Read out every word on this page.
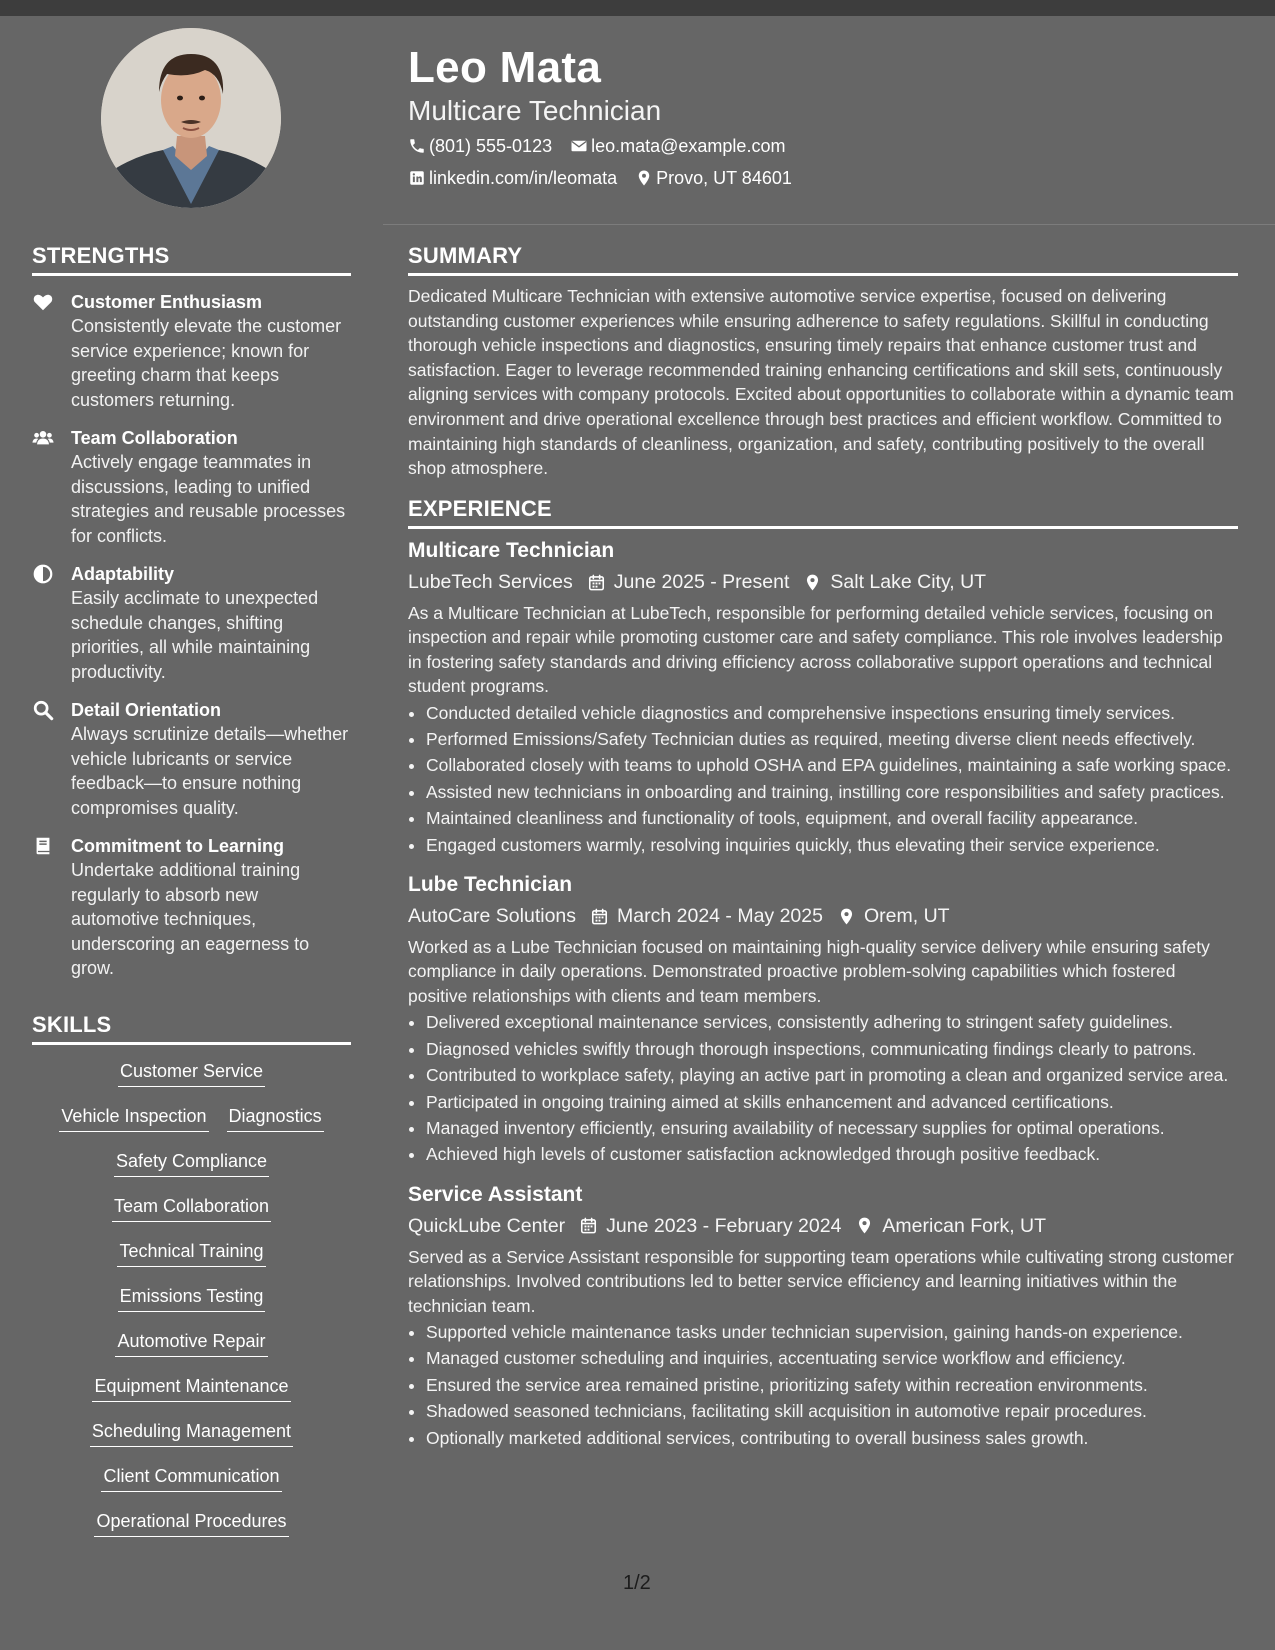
STRENGTHS
Customer Enthusiasm
Consistently elevate the customer service experience; known for greeting charm that keeps customers returning.
Team Collaboration
Actively engage teammates in discussions, leading to unified strategies and reusable processes for conflicts.
Adaptability
Easily acclimate to unexpected schedule changes, shifting priorities, all while maintaining productivity.
Detail Orientation
Always scrutinize details—whether vehicle lubricants or service feedback—to ensure nothing compromises quality.
Commitment to Learning
Undertake additional training regularly to absorb new automotive techniques, underscoring an eagerness to grow.
SKILLS
Customer Service
Vehicle Inspection Diagnostics
Safety Compliance
Team Collaboration
Technical Training
Emissions Testing
Automotive Repair
Equipment Maintenance
Scheduling Management
Client Communication
Operational Procedures
Leo Mata
Multicare Technician
(801) 555-0123 leo.mata@example.com
linkedin.com/in/leomata Provo, UT 84601
SUMMARY

Dedicated Multicare Technician with extensive automotive service expertise, focused on delivering outstanding customer experiences while ensuring adherence to safety regulations. Skillful in conducting thorough vehicle inspections and diagnostics, ensuring timely repairs that enhance customer trust and satisfaction. Eager to leverage recommended training enhancing certifications and skill sets, continuously aligning services with company protocols. Excited about opportunities to collaborate within a dynamic team environment and drive operational excellence through best practices and efficient workflow. Committed to maintaining high standards of cleanliness, organization, and safety, contributing positively to the overall shop atmosphere.

EXPERIENCE
Multicare Technician
LubeTech Services June 2025 - Present Salt Lake City, UT

As a Multicare Technician at LubeTech, responsible for performing detailed vehicle services, focusing on inspection and repair while promoting customer care and safety compliance. This role involves leadership in fostering safety standards and driving efficiency across collaborative support operations and technical student programs.

• Conducted detailed vehicle diagnostics and comprehensive inspections ensuring timely services.
• Performed Emissions/Safety Technician duties as required, meeting diverse client needs effectively.
• Collaborated closely with teams to uphold OSHA and EPA guidelines, maintaining a safe working space.
• Assisted new technicians in onboarding and training, instilling core responsibilities and safety practices.
• Maintained cleanliness and functionality of tools, equipment, and overall facility appearance.
• Engaged customers warmly, resolving inquiries quickly, thus elevating their service experience.
Lube Technician
AutoCare Solutions March 2024 - May 2025 Orem, UT

Worked as a Lube Technician focused on maintaining high-quality service delivery while ensuring safety compliance in daily operations. Demonstrated proactive problem-solving capabilities which fostered positive relationships with clients and team members.

• Delivered exceptional maintenance services, consistently adhering to stringent safety guidelines.
• Diagnosed vehicles swiftly through thorough inspections, communicating findings clearly to patrons.
• Contributed to workplace safety, playing an active part in promoting a clean and organized service area.
• Participated in ongoing training aimed at skills enhancement and advanced certifications.
• Managed inventory efficiently, ensuring availability of necessary supplies for optimal operations.
• Achieved high levels of customer satisfaction acknowledged through positive feedback.
Service Assistant
QuickLube Center June 2023 - February 2024 American Fork, UT

Served as a Service Assistant responsible for supporting team operations while cultivating strong customer relationships. Involved contributions led to better service efficiency and learning initiatives within the technician team.

• Supported vehicle maintenance tasks under technician supervision, gaining hands-on experience.
• Managed customer scheduling and inquiries, accentuating service workflow and efficiency.
• Ensured the service area remained pristine, prioritizing safety within recreation environments.
• Shadowed seasoned technicians, facilitating skill acquisition in automotive repair procedures.
• Optionally marketed additional services, contributing to overall business sales growth.
1/2
